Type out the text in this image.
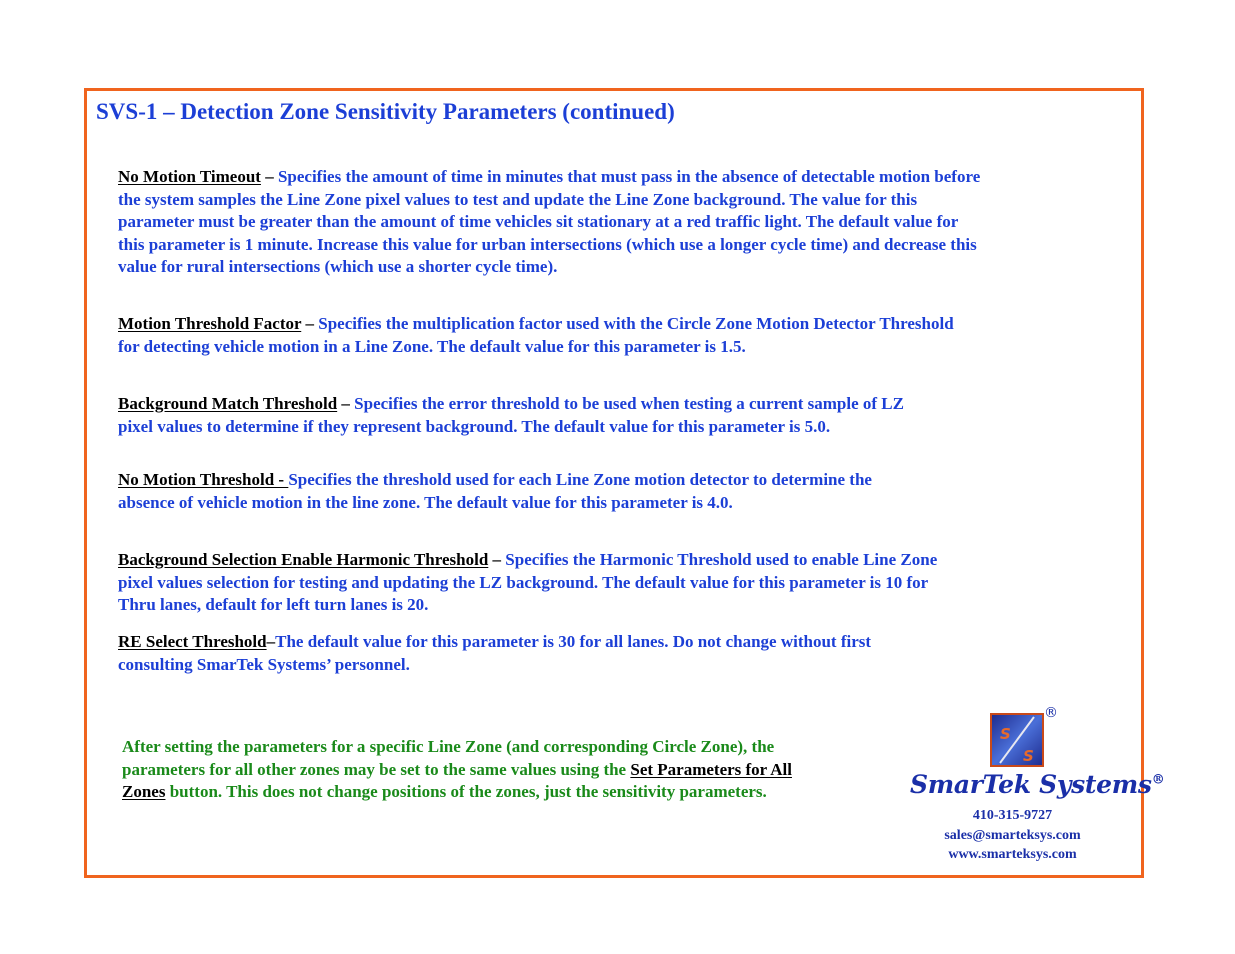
SVS-1 – Detection Zone Sensitivity Parameters (continued)

No Motion Timeout – Specifies the amount of time in minutes that must pass in the absence of detectable motion before
the system samples the Line Zone pixel values to test and update the Line Zone background. The value for this
parameter must be greater than the amount of time vehicles sit stationary at a red traffic light. The default value for
this parameter is 1 minute. Increase this value for urban intersections (which use a longer cycle time) and decrease this
value for rural intersections (which use a shorter cycle time).

Motion Threshold Factor – Specifies the multiplication factor used with the Circle Zone Motion Detector Threshold
for detecting vehicle motion in a Line Zone. The default value for this parameter is 1.5.

Background Match Threshold – Specifies the error threshold to be used when testing a current sample of LZ
pixel values to determine if they represent background. The default value for this parameter is 5.0.

No Motion Threshold - Specifies the threshold used for each Line Zone motion detector to determine the
absence of vehicle motion in the line zone. The default value for this parameter is 4.0.

Background Selection Enable Harmonic Threshold – Specifies the Harmonic Threshold used to enable Line Zone
pixel values selection for testing and updating the LZ background. The default value for this parameter is 10 for
Thru lanes, default for left turn lanes is 20.

RE Select Threshold–The default value for this parameter is 30 for all lanes. Do not change without first
consulting SmarTek Systems’ personnel.

After setting the parameters for a specific Line Zone (and corresponding Circle Zone), the
parameters for all other zones may be set to the same values using the Set Parameters for All
Zones button. This does not change positions of the zones, just the sensitivity parameters.

S
S
®
SmarTek Systems®

410-315-9727

sales@smarteksys.com

www.smarteksys.com
